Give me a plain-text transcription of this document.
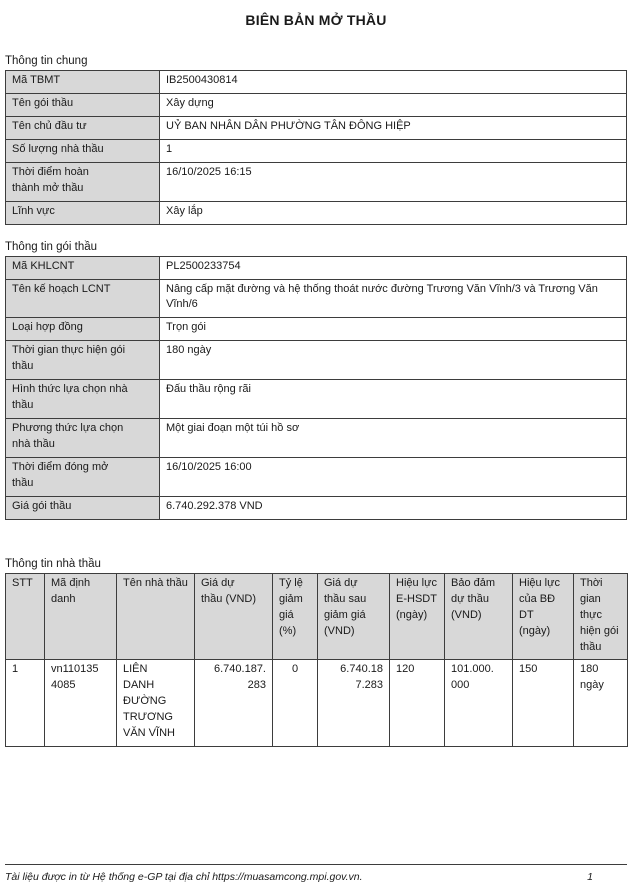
BIÊN BẢN MỞ THẦU

Thông tin chung

Mã TBMT	IB2500430814
Tên gói thầu	Xây dựng
Tên chủ đầu tư	UỶ BAN NHÂN DÂN PHƯỜNG TÂN ĐÔNG HIỆP
Số lượng nhà thầu	1
Thời điểm hoàn thành mở thầu	16/10/2025 16:15
Lĩnh vực	Xây lắp

Thông tin gói thầu

Mã KHLCNT	PL2500233754
Tên kế hoạch LCNT	Nâng cấp mặt đường và hệ thống thoát nước đường Trương Văn Vĩnh/3 và Trương Văn Vĩnh/6
Loại hợp đồng	Trọn gói
Thời gian thực hiện gói thầu	180 ngày
Hình thức lựa chọn nhà thầu	Đấu thầu rộng rãi
Phương thức lựa chọn nhà thầu	Một giai đoạn một túi hồ sơ
Thời điểm đóng mở thầu	16/10/2025 16:00
Giá gói thầu	6.740.292.378 VND

Thông tin nhà thầu

STT	Mã định danh	Tên nhà thầu	Giá dự thầu (VND)	Tỷ lệ giảm giá (%)	Giá dự thầu sau giảm giá (VND)	Hiệu lực E-HSDT (ngày)	Bảo đảm dự thầu (VND)	Hiệu lực của BĐ DT (ngày)	Thời gian thực hiện gói thầu
1	vn1101354085	LIÊN DANH ĐƯỜNG TRƯƠNG VĂN VĨNH	6.740.187.283	0	6.740.187.283	120	101.000.000	150	180 ngày
Tài liệu được in từ Hệ thống e-GP tại địa chỉ https://muasamcong.mpi.gov.vn.	1
